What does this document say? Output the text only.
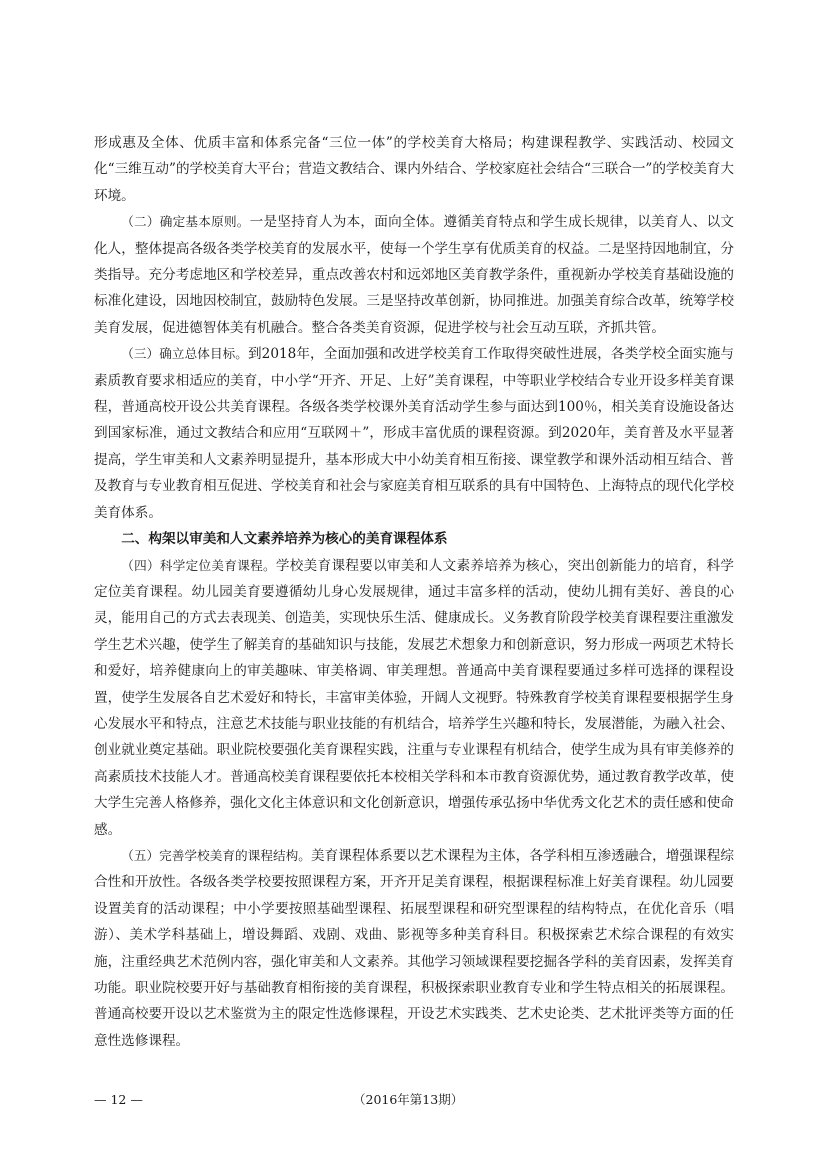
形成惠及全体、优质丰富和体系完备“三位一体”的学校美育大格局；构建课程教学、实践活动、校园文化“三维互动”的学校美育大平台；营造文教结合、课内外结合、学校家庭社会结合“三联合一”的学校美育大环境。

（二）确定基本原则。一是坚持育人为本，面向全体。遵循美育特点和学生成长规律，以美育人、以文化人，整体提高各级各类学校美育的发展水平，使每一个学生享有优质美育的权益。二是坚持因地制宜，分类指导。充分考虑地区和学校差异，重点改善农村和远郊地区美育教学条件，重视新办学校美育基础设施的标准化建设，因地因校制宜，鼓励特色发展。三是坚持改革创新，协同推进。加强美育综合改革，统筹学校美育发展，促进德智体美有机融合。整合各类美育资源，促进学校与社会互动互联，齐抓共管。

（三）确立总体目标。到2018年，全面加强和改进学校美育工作取得突破性进展，各类学校全面实施与素质教育要求相适应的美育，中小学“开齐、开足、上好”美育课程，中等职业学校结合专业开设多样美育课程，普通高校开设公共美育课程。各级各类学校课外美育活动学生参与面达到100％，相关美育设施设备达到国家标准，通过文教结合和应用“互联网＋”，形成丰富优质的课程资源。到2020年，美育普及水平显著提高，学生审美和人文素养明显提升，基本形成大中小幼美育相互衔接、课堂教学和课外活动相互结合、普及教育与专业教育相互促进、学校美育和社会与家庭美育相互联系的具有中国特色、上海特点的现代化学校美育体系。

二、构架以审美和人文素养培养为核心的美育课程体系

（四）科学定位美育课程。学校美育课程要以审美和人文素养培养为核心，突出创新能力的培育，科学定位美育课程。幼儿园美育要遵循幼儿身心发展规律，通过丰富多样的活动，使幼儿拥有美好、善良的心灵，能用自己的方式去表现美、创造美，实现快乐生活、健康成长。义务教育阶段学校美育课程要注重激发学生艺术兴趣，使学生了解美育的基础知识与技能，发展艺术想象力和创新意识，努力形成一两项艺术特长和爱好，培养健康向上的审美趣味、审美格调、审美理想。普通高中美育课程要通过多样可选择的课程设置，使学生发展各自艺术爱好和特长，丰富审美体验，开阔人文视野。特殊教育学校美育课程要根据学生身心发展水平和特点，注意艺术技能与职业技能的有机结合，培养学生兴趣和特长，发展潜能，为融入社会、创业就业奠定基础。职业院校要强化美育课程实践，注重与专业课程有机结合，使学生成为具有审美修养的高素质技术技能人才。普通高校美育课程要依托本校相关学科和本市教育资源优势，通过教育教学改革，使大学生完善人格修养，强化文化主体意识和文化创新意识，增强传承弘扬中华优秀文化艺术的责任感和使命感。

（五）完善学校美育的课程结构。美育课程体系要以艺术课程为主体，各学科相互渗透融合，增强课程综合性和开放性。各级各类学校要按照课程方案，开齐开足美育课程，根据课程标准上好美育课程。幼儿园要设置美育的活动课程；中小学要按照基础型课程、拓展型课程和研究型课程的结构特点，在优化音乐（唱游）、美术学科基础上，增设舞蹈、戏剧、戏曲、影视等多种美育科目。积极探索艺术综合课程的有效实施，注重经典艺术范例内容，强化审美和人文素养。其他学习领域课程要挖掘各学科的美育因素，发挥美育功能。职业院校要开好与基础教育相衔接的美育课程，积极探索职业教育专业和学生特点相关的拓展课程。普通高校要开设以艺术鉴赏为主的限定性选修课程，开设艺术实践类、艺术史论类、艺术批评类等方面的任意性选修课程。

— 12 —	（2016年第13期）
